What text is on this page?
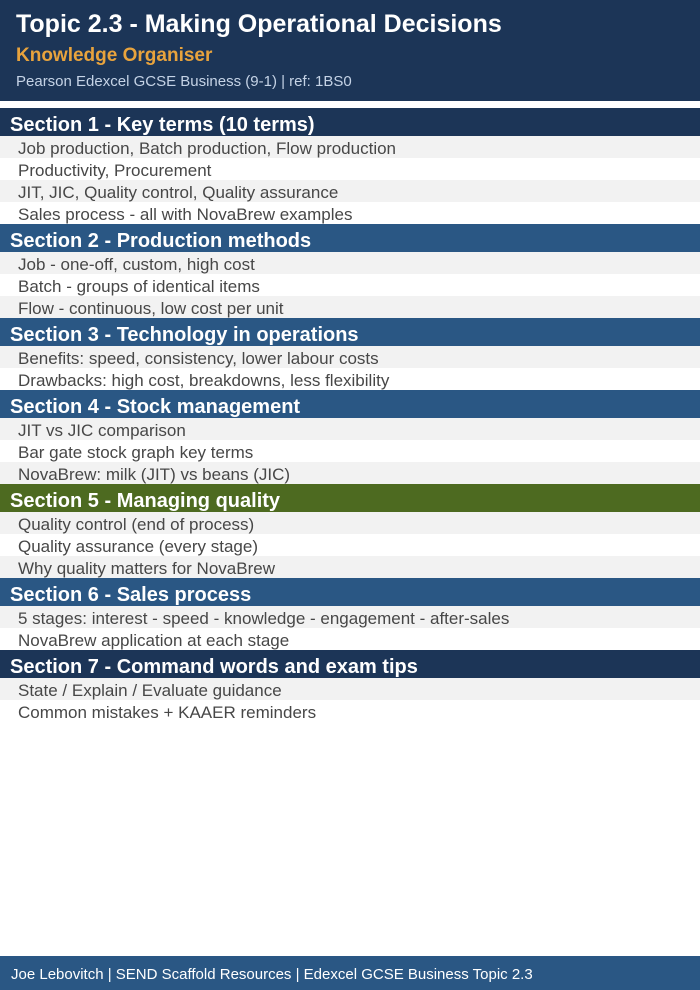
Topic 2.3 - Making Operational Decisions
Knowledge Organiser
Pearson Edexcel GCSE Business (9-1) | ref: 1BS0
Section 1 - Key terms (10 terms)
Job production, Batch production, Flow production
Productivity, Procurement
JIT, JIC, Quality control, Quality assurance
Sales process - all with NovaBrew examples
Section 2 - Production methods
Job - one-off, custom, high cost
Batch - groups of identical items
Flow - continuous, low cost per unit
Section 3 - Technology in operations
Benefits: speed, consistency, lower labour costs
Drawbacks: high cost, breakdowns, less flexibility
Section 4 - Stock management
JIT vs JIC comparison
Bar gate stock graph key terms
NovaBrew: milk (JIT) vs beans (JIC)
Section 5 - Managing quality
Quality control (end of process)
Quality assurance (every stage)
Why quality matters for NovaBrew
Section 6 - Sales process
5 stages: interest - speed - knowledge - engagement - after-sales
NovaBrew application at each stage
Section 7 - Command words and exam tips
State / Explain / Evaluate guidance
Common mistakes + KAAER reminders
Joe Lebovitch | SEND Scaffold Resources | Edexcel GCSE Business Topic 2.3
